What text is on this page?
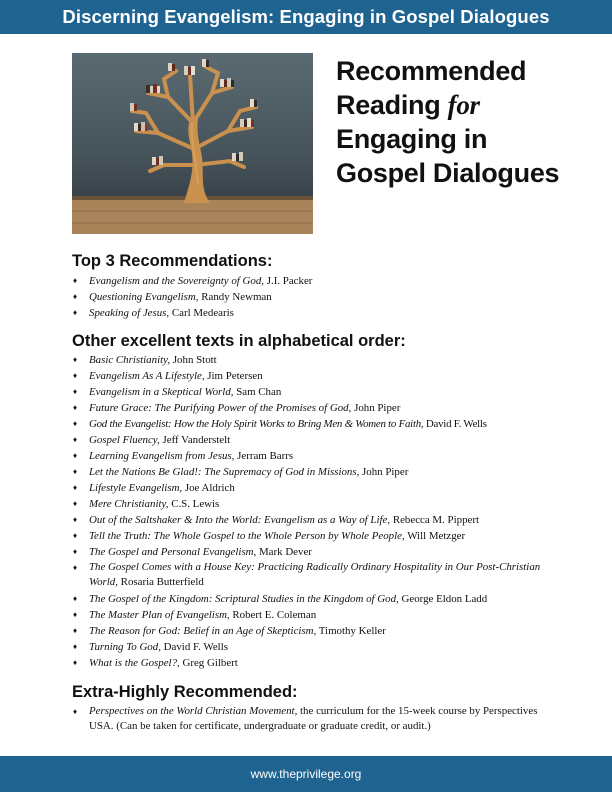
Discerning Evangelism: Engaging in Gospel Dialogues
Recommended
Reading for
Engaging in
Gospel Dialogues
Top 3 Recommendations:
♦ Evangelism and the Sovereignty of God, J.I. Packer
♦ Questioning Evangelism, Randy Newman
♦ Speaking of Jesus, Carl Medearis
Other excellent texts in alphabetical order:
♦ Basic Christianity, John Stott
♦ Evangelism As A Lifestyle, Jim Petersen
♦ Evangelism in a Skeptical World, Sam Chan
♦ Future Grace: The Purifying Power of the Promises of God, John Piper
♦ God the Evangelist: How the Holy Spirit Works to Bring Men & Women to Faith, David F. Wells
♦ Gospel Fluency, Jeff Vanderstelt
♦ Learning Evangelism from Jesus, Jerram Barrs
♦ Let the Nations Be Glad!: The Supremacy of God in Missions, John Piper
♦ Lifestyle Evangelism, Joe Aldrich
♦ Mere Christianity, C.S. Lewis
♦ Out of the Saltshaker & Into the World: Evangelism as a Way of Life, Rebecca M. Pippert
♦ Tell the Truth: The Whole Gospel to the Whole Person by Whole People, Will Metzger
♦ The Gospel and Personal Evangelism, Mark Dever
♦ The Gospel Comes with a House Key: Practicing Radically Ordinary Hospitality in Our Post-Christian World, Rosaria Butterfield
♦ The Gospel of the Kingdom: Scriptural Studies in the Kingdom of God, George Eldon Ladd
♦ The Master Plan of Evangelism, Robert E. Coleman
♦ The Reason for God: Belief in an Age of Skepticism, Timothy Keller
♦ Turning To God, David F. Wells
♦ What is the Gospel?, Greg Gilbert
Extra-Highly Recommended:
♦ Perspectives on the World Christian Movement, the curriculum for the 15-week course by Perspectives USA. (Can be taken for certificate, undergraduate or graduate credit, or audit.)
www.theprivilege.org
